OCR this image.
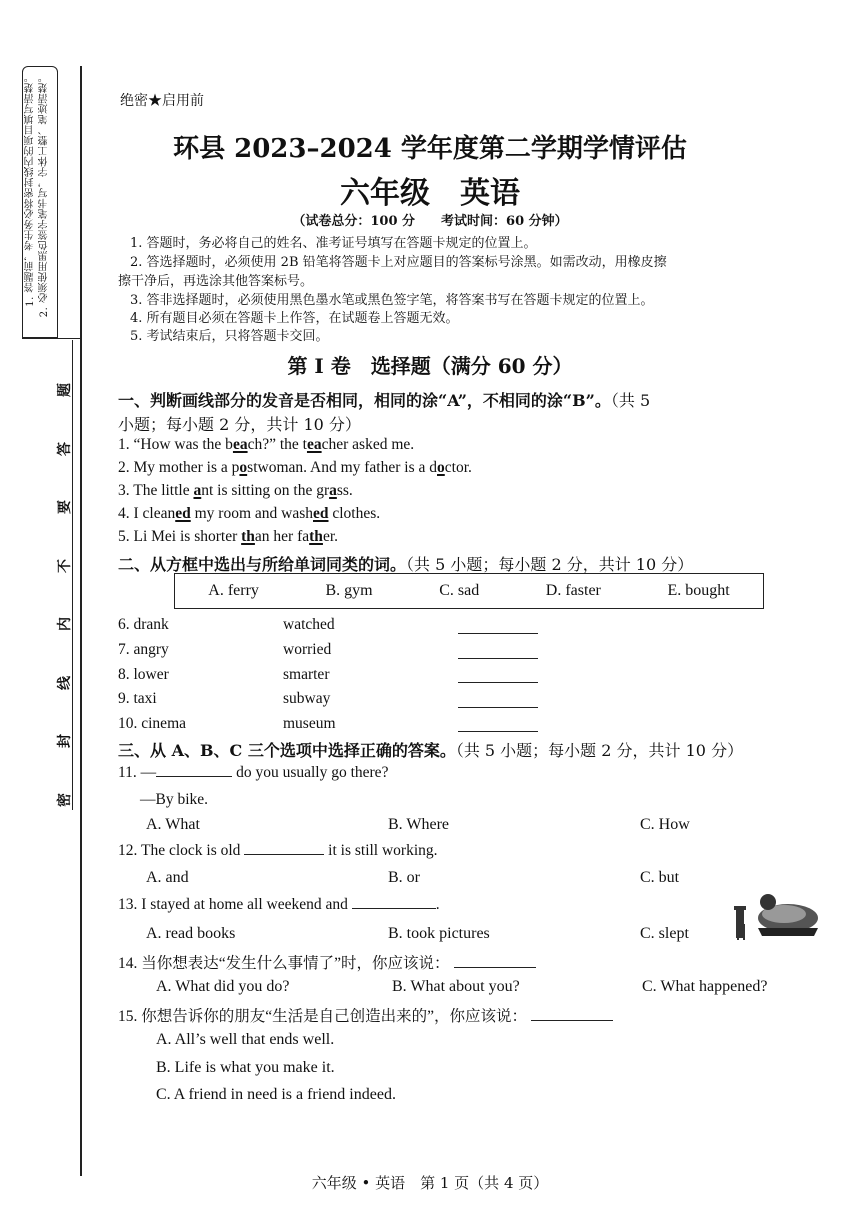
1. 答题前，考生务必将密封线内的项目填写清楚。 2. 必须使用黑色签字笔书写，字体工整、笔迹清楚。
题
答
要
不
内
线
封
密
绝密★启用前
环县 2023–2024 学年度第二学期学情评估
六年级　英语
（试卷总分：100 分　　考试时间：60 分钟）
1. 答题时，务必将自己的姓名、准考证号填写在答题卡规定的位置上。
2. 答选择题时，必须使用 2B 铅笔将答题卡上对应题目的答案标号涂黑。如需改动，用橡皮擦
擦干净后，再选涂其他答案标号。
3. 答非选择题时，必须使用黑色墨水笔或黑色签字笔，将答案书写在答题卡规定的位置上。
4. 所有题目必须在答题卡上作答，在试题卷上答题无效。
5. 考试结束后，只将答题卡交回。
第 I 卷　选择题（满分 60 分）
一、判断画线部分的发音是否相同，相同的涂“A”，不相同的涂“B”。（共 5
小题；每小题 2 分，共计 10 分）
1. “How was the beach?” the teacher asked me.
2. My mother is a postwoman. And my father is a doctor.
3. The little ant is sitting on the grass.
4. I cleaned my room and washed clothes.
5. Li Mei is shorter than her father.
二、从方框中选出与所给单词同类的词。（共 5 小题；每小题 2 分，共计 10 分）
A. ferry	B. gym	C. sad	D. faster	E. bought
6. drank	watched
7. angry	worried
8. lower	smarter
9. taxi	subway
10. cinema	museum
三、从 A、B、C 三个选项中选择正确的答案。（共 5 小题；每小题 2 分，共计 10 分）
11. —	do you usually go there?
—By bike.
A. What	B. Where	C. How
12. The clock is old	it is still working.
A. and	B. or	C. but
13. I stayed at home all weekend and	.
A. read books	B. took pictures	C. slept
14. 当你想表达“发生什么事情了”时，你应该说：
A. What did you do?	B. What about you?	C. What happened?
15. 你想告诉你的朋友“生活是自己创造出来的”，你应该说：
A. All’s well that ends well.
B. Life is what you make it.
C. A friend in need is a friend indeed.
六年级 • 英语　第 1 页（共 4 页）
